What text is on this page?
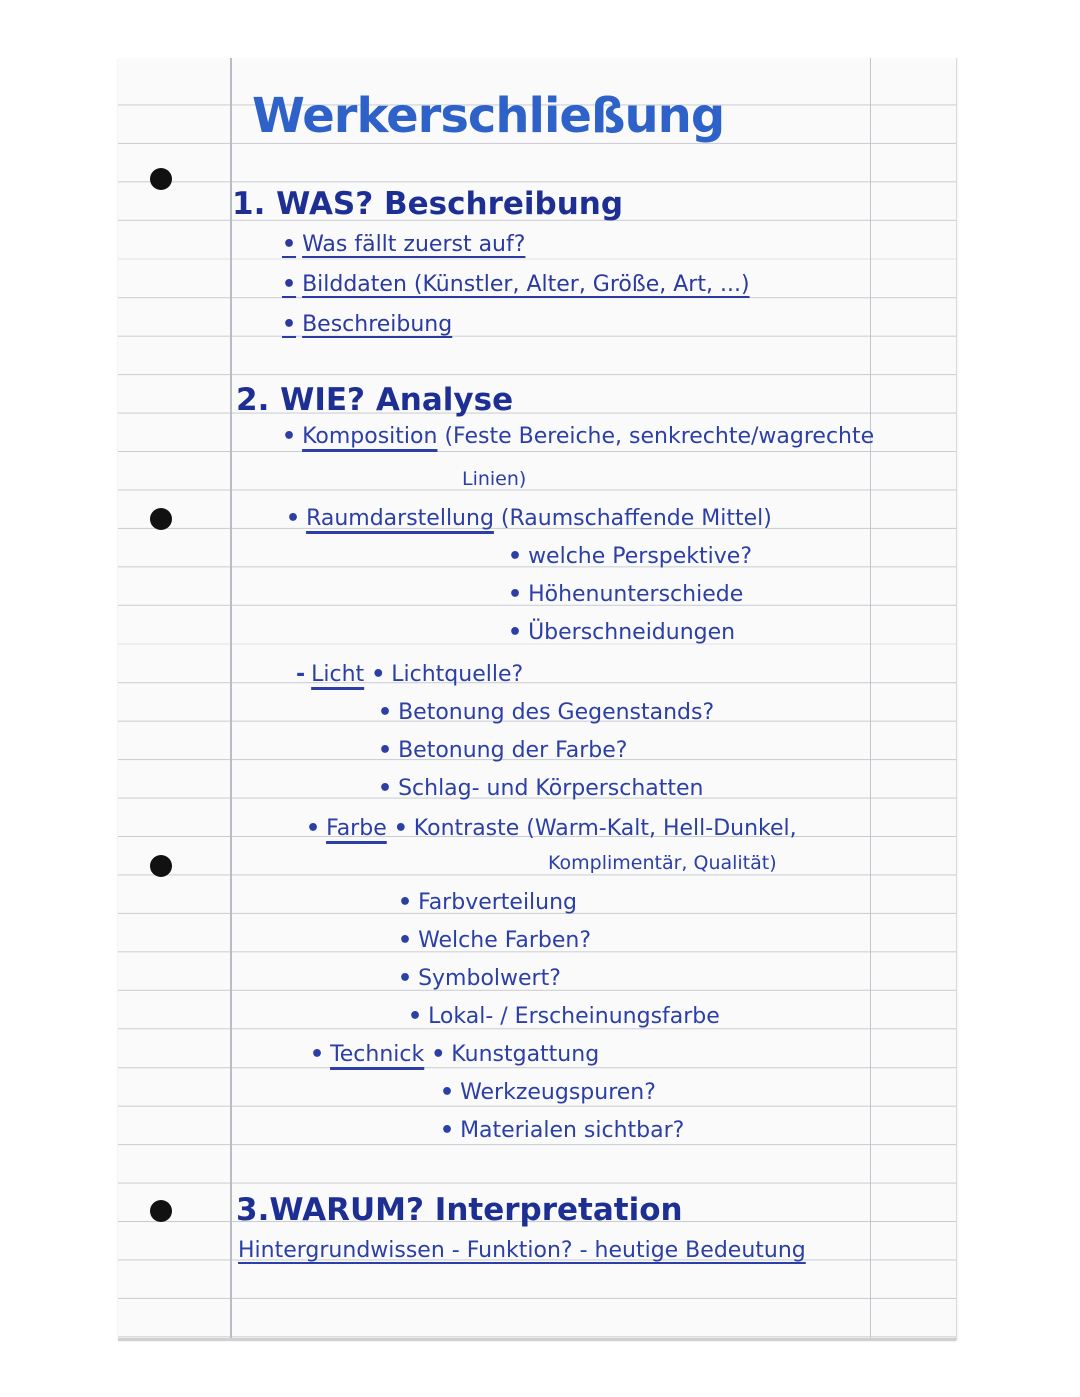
Werkerschließung
1. WAS? Beschreibung
• Was fällt zuerst auf?
• Bilddaten (Künstler, Alter, Größe, Art, ...)
• Beschreibung
2. WIE? Analyse
• Komposition (Feste Bereiche, senkrechte/wagrechte
Linien)
• Raumdarstellung (Raumschaffende Mittel)
• welche Perspektive?
• Höhenunterschiede
• Überschneidungen
- Licht • Lichtquelle?
• Betonung des Gegenstands?
• Betonung der Farbe?
• Schlag- und Körperschatten
• Farbe • Kontraste (Warm-Kalt, Hell-Dunkel,
Komplimentär, Qualität)
• Farbverteilung
• Welche Farben?
• Symbolwert?
• Lokal- / Erscheinungsfarbe
• Technick • Kunstgattung
• Werkzeugspuren?
• Materialen sichtbar?
3.WARUM? Interpretation
Hintergrundwissen - Funktion? - heutige Bedeutung
